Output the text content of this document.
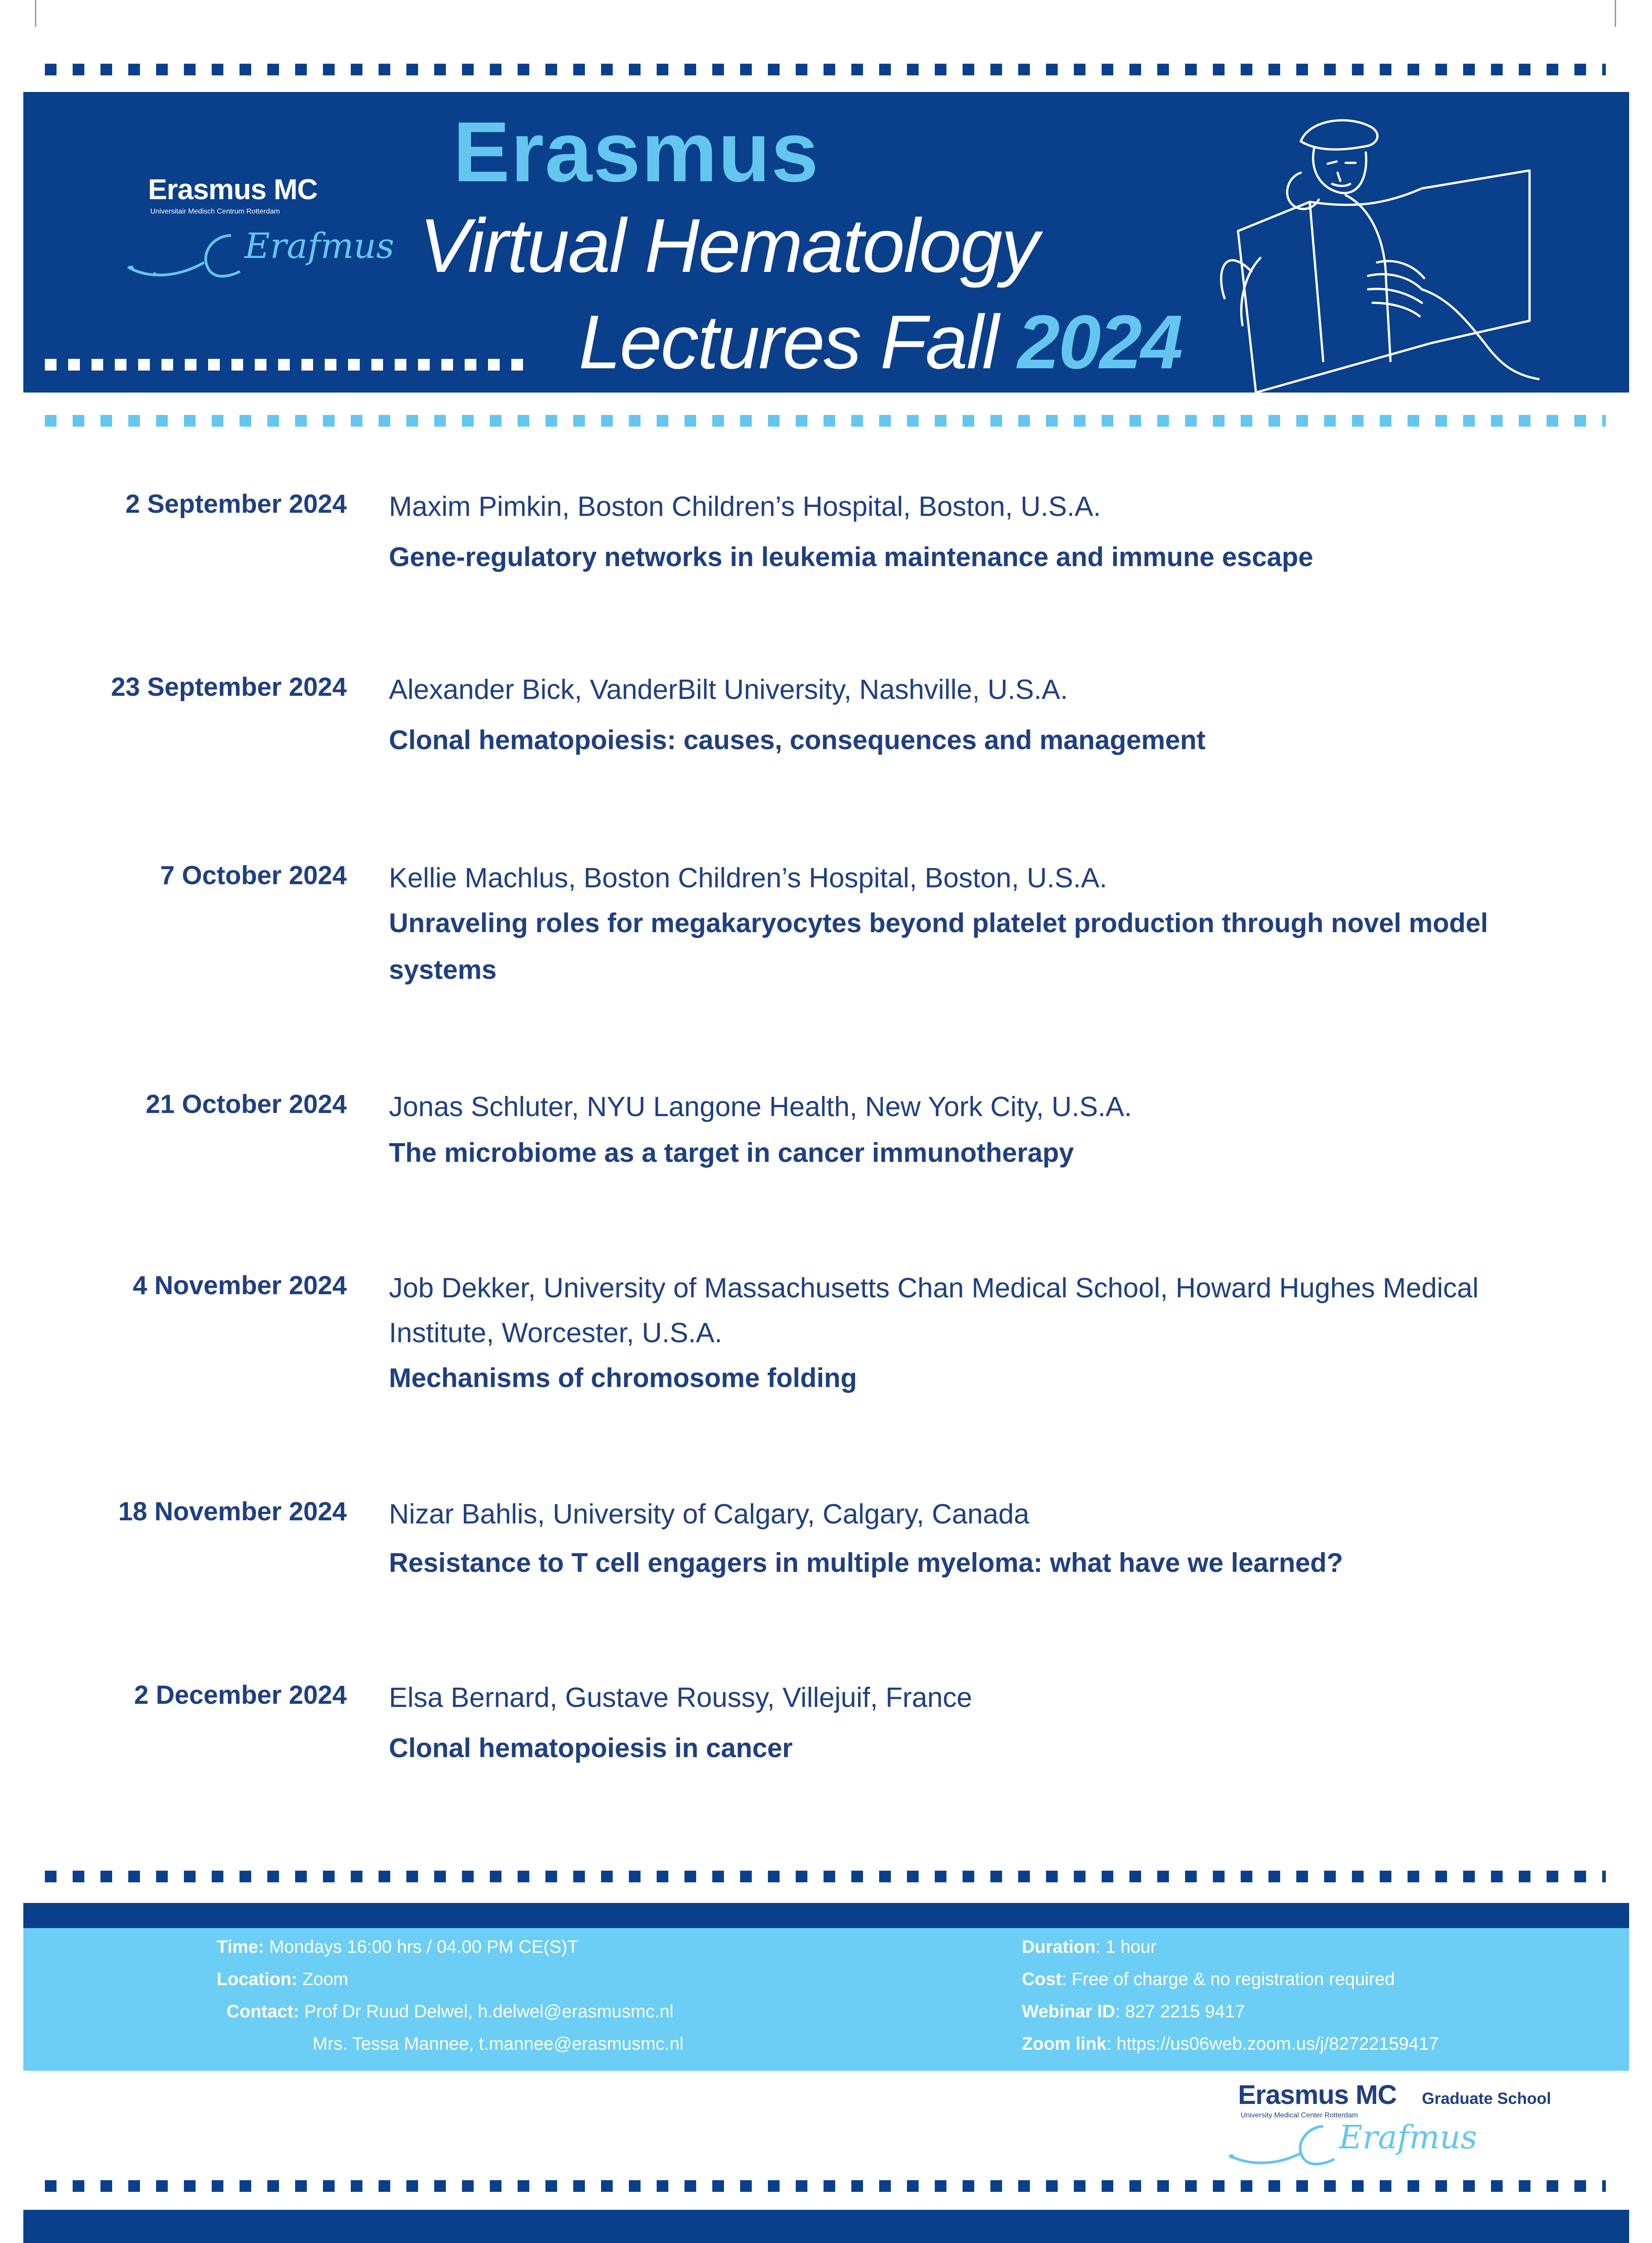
Erasmus MC
Universitair Medisch Centrum Rotterdam
Erafmus
Erasmus
Virtual Hematology
Lectures Fall 2024
2 September 2024 Maxim Pimkin, Boston Children’s Hospital, Boston, U.S.A.
Gene-regulatory networks in leukemia maintenance and immune escape
23 September 2024 Alexander Bick, VanderBilt University, Nashville, U.S.A.
Clonal hematopoiesis: causes, consequences and management
7 October 2024 Kellie Machlus, Boston Children’s Hospital, Boston, U.S.A.
Unraveling roles for megakaryocytes beyond platelet production through novel model systems
21 October 2024 Jonas Schluter, NYU Langone Health, New York City, U.S.A.
The microbiome as a target in cancer immunotherapy
4 November 2024 Job Dekker, University of Massachusetts Chan Medical School, Howard Hughes Medical Institute, Worcester, U.S.A.
Mechanisms of chromosome folding
18 November 2024 Nizar Bahlis, University of Calgary, Calgary, Canada
Resistance to T cell engagers in multiple myeloma: what have we learned?
2 December 2024 Elsa Bernard, Gustave Roussy, Villejuif, France
Clonal hematopoiesis in cancer
Time: Mondays 16:00 hrs / 04.00 PM CE(S)T
Location: Zoom
Contact: Prof Dr Ruud Delwel, h.delwel@erasmusmc.nl
Mrs. Tessa Mannee, t.mannee@erasmusmc.nl
Duration: 1 hour
Cost: Free of charge & no registration required
Webinar ID: 827 2215 9417
Zoom link: https://us06web.zoom.us/j/82722159417
Erasmus MC
University Medical Center Rotterdam
Graduate School
Erafmus
